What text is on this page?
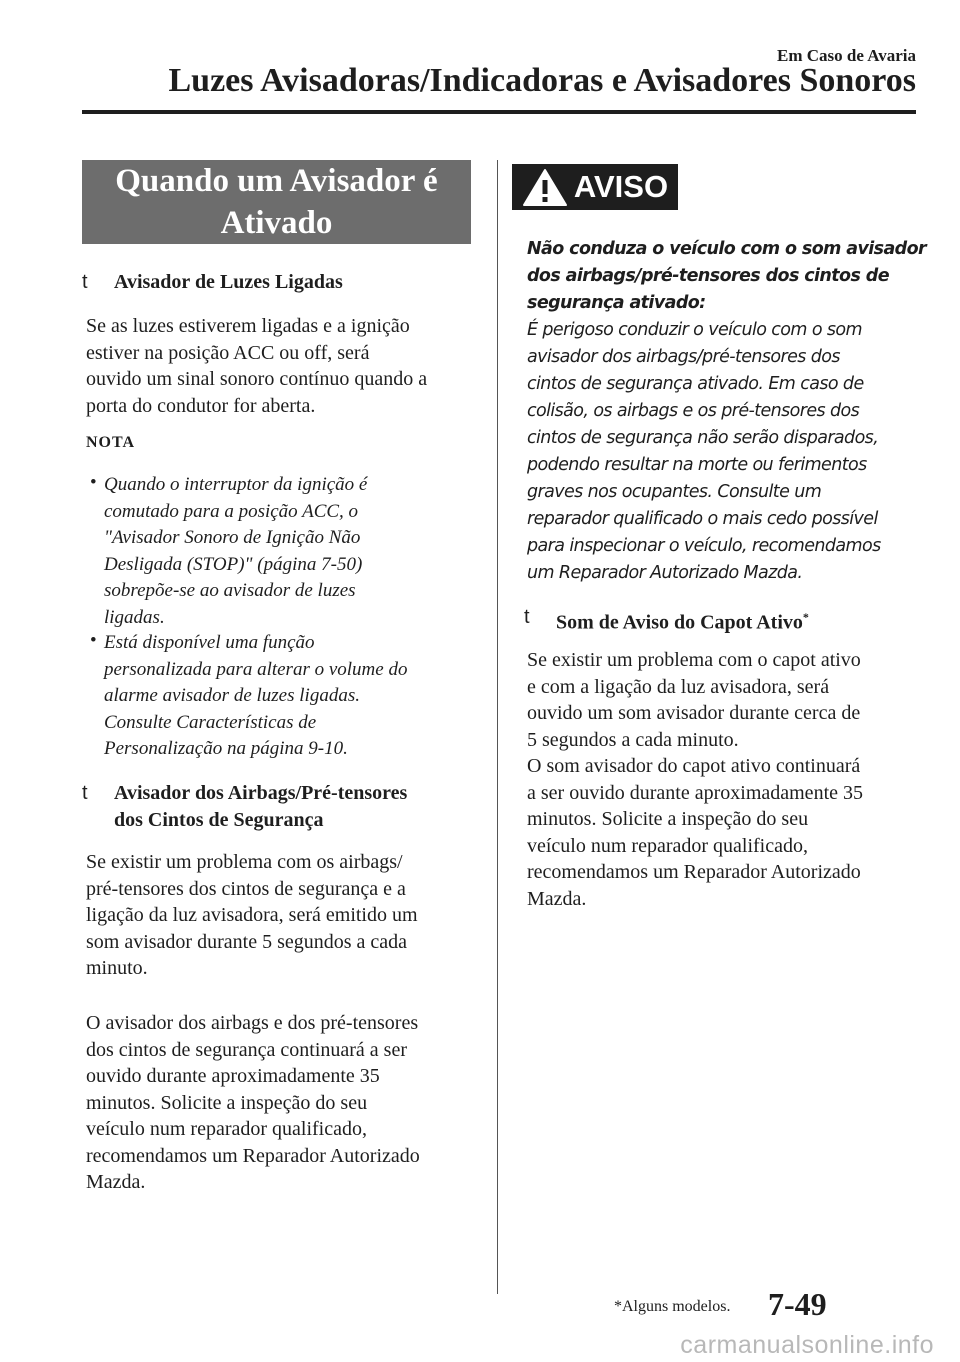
Em Caso de Avaria
Luzes Avisadoras/Indicadoras e Avisadores Sonoros
Quando um Avisador é
Ativado
t Avisador de Luzes Ligadas
Se as luzes estiverem ligadas e a ignição
estiver na posição ACC ou off, será
ouvido um sinal sonoro contínuo quando a
porta do condutor for aberta.
NOTA
• Quando o interruptor da ignição é
comutado para a posição ACC, o
"Avisador Sonoro de Ignição Não
Desligada (STOP)" (página 7-50)
sobrepõe-se ao avisador de luzes
ligadas.
• Está disponível uma função
personalizada para alterar o volume do
alarme avisador de luzes ligadas.
Consulte Características de
Personalização na página 9-10.
t Avisador dos Airbags/Pré-tensores
dos Cintos de Segurança
Se existir um problema com os airbags/
pré-tensores dos cintos de segurança e a
ligação da luz avisadora, será emitido um
som avisador durante 5 segundos a cada
minuto.
O avisador dos airbags e dos pré-tensores
dos cintos de segurança continuará a ser
ouvido durante aproximadamente 35
minutos. Solicite a inspeção do seu
veículo num reparador qualificado,
recomendamos um Reparador Autorizado
Mazda.
AVISO
Não conduza o veículo com o som avisador
dos airbags/pré-tensores dos cintos de
segurança ativado:
É perigoso conduzir o veículo com o som
avisador dos airbags/pré-tensores dos
cintos de segurança ativado. Em caso de
colisão, os airbags e os pré-tensores dos
cintos de segurança não serão disparados,
podendo resultar na morte ou ferimentos
graves nos ocupantes. Consulte um
reparador qualificado o mais cedo possível
para inspecionar o veículo, recomendamos
um Reparador Autorizado Mazda.
t Som de Aviso do Capot Ativo*
Se existir um problema com o capot ativo
e com a ligação da luz avisadora, será
ouvido um som avisador durante cerca de
5 segundos a cada minuto.
O som avisador do capot ativo continuará
a ser ouvido durante aproximadamente 35
minutos. Solicite a inspeção do seu
veículo num reparador qualificado,
recomendamos um Reparador Autorizado
Mazda.
*Alguns modelos. 7-49
carmanualsonline.info
